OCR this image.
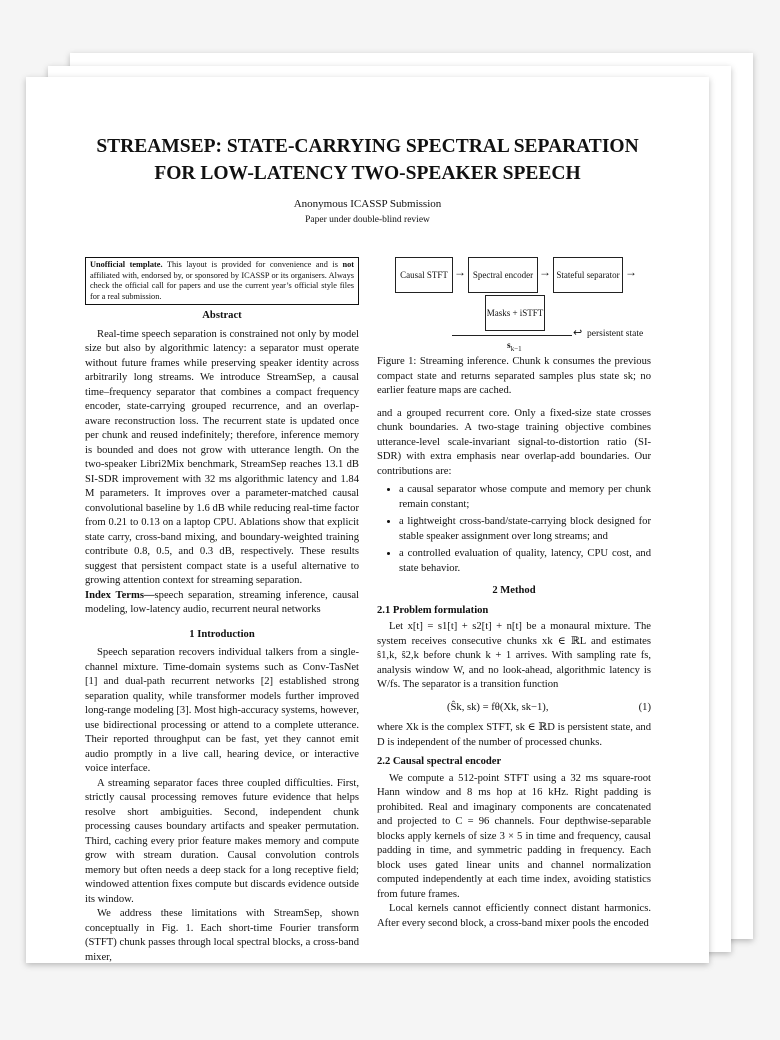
STREAMSEP: STATE-CARRYING SPECTRAL SEPARATION
FOR LOW-LATENCY TWO-SPEAKER SPEECH
Anonymous ICASSP Submission
Paper under double-blind review
Unofficial template. This layout is provided for convenience and is not affiliated with, endorsed by, or sponsored by ICASSP or its organisers. Always check the official call for papers and use the current year’s official style files for a real submission.
Abstract

Real-time speech separation is constrained not only by model size but also by algorithmic latency: a separator must operate without future frames while preserving speaker identity across arbitrarily long streams. We introduce StreamSep, a causal time–frequency separator that combines a compact frequency encoder, state-carrying grouped recurrence, and an overlap-aware reconstruction loss. The recurrent state is updated once per chunk and reused indefinitely; therefore, inference memory is bounded and does not grow with utterance length. On the two-speaker Libri2Mix benchmark, StreamSep reaches 13.1 dB SI-SDR improvement with 32 ms algorithmic latency and 1.84 M parameters. It improves over a parameter-matched causal convolutional baseline by 1.6 dB while reducing real-time factor from 0.21 to 0.13 on a laptop CPU. Ablations show that explicit state carry, cross-band mixing, and boundary-weighted training contribute 0.8, 0.5, and 0.3 dB, respectively. These results suggest that persistent compact state is a useful alternative to growing attention context for streaming separation.

Index Terms—speech separation, streaming inference, causal modeling, low-latency audio, recurrent neural networks

1 Introduction

Speech separation recovers individual talkers from a single-channel mixture. Time-domain systems such as Conv-TasNet [1] and dual-path recurrent networks [2] established strong separation quality, while transformer models further improved long-range modeling [3]. Most high-accuracy systems, however, use bidirectional processing or attend to a complete utterance. Their reported throughput can be fast, yet they cannot emit audio promptly in a live call, hearing device, or interactive voice interface.

A streaming separator faces three coupled difficulties. First, strictly causal processing removes future evidence that helps resolve short ambiguities. Second, independent chunk processing causes boundary artifacts and speaker permutation. Third, caching every prior feature makes memory and compute grow with stream duration. Causal convolution controls memory but often needs a deep stack for a long receptive field; windowed attention fixes compute but discards evidence outside its window.

We address these limitations with StreamSep, shown conceptually in Fig. 1. Each short-time Fourier transform (STFT) chunk passes through local spectral blocks, a cross-band mixer,

Causal STFT → Spectral encoder → Stateful separator →
Masks + iSTFT
↩ persistent state
$s_{k-1}$
Figure 1: Streaming inference. Chunk k consumes the previous compact state and returns separated samples plus state sk; no earlier feature maps are cached.

and a grouped recurrent core. Only a fixed-size state crosses chunk boundaries. A two-stage training objective combines utterance-level scale-invariant signal-to-distortion ratio (SI-SDR) with extra emphasis near overlap-add boundaries. Our contributions are:

• a causal separator whose compute and memory per chunk remain constant;
• a lightweight cross-band/state-carrying block designed for stable speaker assignment over long streams; and
• a controlled evaluation of quality, latency, CPU cost, and state behavior.
2 Method
2.1 Problem formulation

Let x[t] = s1[t] + s2[t] + n[t] be a monaural mixture. The system receives consecutive chunks xk ∈ ℝL and estimates ŝ1,k, ŝ2,k before chunk k + 1 arrives. With sampling rate fs, analysis window W, and no look-ahead, algorithmic latency is W/fs. The separator is a transition function

(Ŝk, sk) = fθ(Xk, sk−1),	(1)

where Xk is the complex STFT, sk ∈ ℝD is persistent state, and D is independent of the number of processed chunks.

2.2 Causal spectral encoder

We compute a 512-point STFT using a 32 ms square-root Hann window and 8 ms hop at 16 kHz. Right padding is prohibited. Real and imaginary components are concatenated and projected to C = 96 channels. Four depthwise-separable blocks apply kernels of size 3 × 5 in time and frequency, causal padding in time, and symmetric padding in frequency. Each block uses gated linear units and channel normalization computed independently at each time index, avoiding statistics from future frames.

Local kernels cannot efficiently connect distant harmonics. After every second block, a cross-band mixer pools the encoded
